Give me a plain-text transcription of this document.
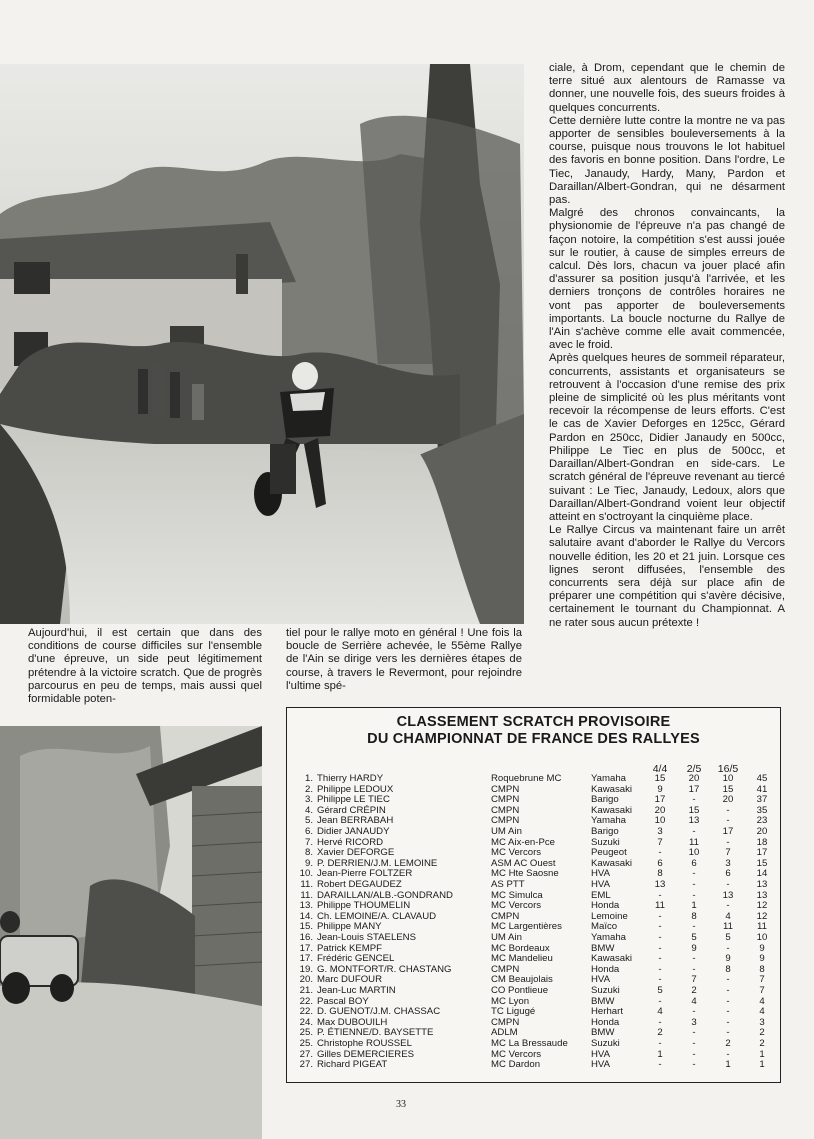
ciale, à Drom, cependant que le chemin de terre situé aux alentours de Ramasse va donner, une nouvelle fois, des sueurs froides à quelques concurrents.

Cette dernière lutte contre la montre ne va pas apporter de sensibles bouleversements à la course, puisque nous trouvons le lot habituel des favoris en bonne position. Dans l'ordre, Le Tiec, Janaudy, Hardy, Many, Pardon et Daraillan/Albert-Gondran, qui ne désarment pas.

Malgré des chronos convaincants, la physionomie de l'épreuve n'a pas changé de façon notoire, la compétition s'est aussi jouée sur le routier, à cause de simples erreurs de calcul. Dès lors, chacun va jouer placé afin d'assurer sa position jusqu'à l'arrivée, et les derniers tronçons de contrôles horaires ne vont pas apporter de bouleversements importants. La boucle nocturne du Rallye de l'Ain s'achève comme elle avait commencée, avec le froid.

Après quelques heures de sommeil réparateur, concurrents, assistants et organisateurs se retrouvent à l'occasion d'une remise des prix pleine de simplicité où les plus méritants vont recevoir la récompense de leurs efforts. C'est le cas de Xavier Deforges en 125cc, Gérard Pardon en 250cc, Didier Janaudy en 500cc, Philippe Le Tiec en plus de 500cc, et Daraillan/Albert-Gondran en side-cars. Le scratch général de l'épreuve revenant au tiercé suivant : Le Tiec, Janaudy, Ledoux, alors que Daraillan/Albert-Gondrand voient leur objectif atteint en s'octroyant la cinquième place.

Le Rallye Circus va maintenant faire un arrêt salutaire avant d'aborder le Rallye du Vercors nouvelle édition, les 20 et 21 juin. Lorsque ces lignes seront diffusées, l'ensemble des concurrents sera déjà sur place afin de préparer une compétition qui s'avère décisive, certainement le tournant du Championnat. A ne rater sous aucun prétexte !

Aujourd'hui, il est certain que dans des conditions de course difficiles sur l'ensemble d'une épreuve, un side peut légitimement prétendre à la victoire scratch. Que de progrès parcourus en peu de temps, mais aussi quel formidable poten-

tiel pour le rallye moto en général ! Une fois la boucle de Serrière achevée, le 55ème Rallye de l'Ain se dirige vers les dernières étapes de course, à travers le Revermont, pour rejoindre l'ultime spé-

CLASSEMENT SCRATCH PROVISOIRE
DU CHAMPIONNAT DE FRANCE DES RALLYES
4/4	2/5	16/5
1. Thierry HARDY	Roquebrune MC	Yamaha	15	20	10	45
2. Philippe LEDOUX	CMPN	Kawasaki	9	17	15	41
3. Philippe LE TIEC	CMPN	Barigo	17	-	20	37
4. Gérard CRÉPIN	CMPN	Kawasaki	20	15	-	35
5. Jean BERRABAH	CMPN	Yamaha	10	13	-	23
6. Didier JANAUDY	UM Ain	Barigo	3	-	17	20
7. Hervé RICORD	MC Aix-en-Pce	Suzuki	7	11	-	18
8. Xavier DEFORGE	MC Vercors	Peugeot	-	10	7	17
9. P. DERRIEN/J.M. LEMOINE	ASM AC Ouest	Kawasaki	6	6	3	15
10. Jean-Pierre FOLTZER	MC Hte Saosne	HVA	8	-	6	14
11. Robert DEGAUDEZ	AS PTT	HVA	13	-	-	13
11. DARAILLAN/ALB.-GONDRAND	MC Simulca	EML	-	-	13	13
13. Philippe THOUMELIN	MC Vercors	Honda	11	1	-	12
14. Ch. LEMOINE/A. CLAVAUD	CMPN	Lemoine	-	8	4	12
15. Philippe MANY	MC Largentières	Maïco	-	-	11	11
16. Jean-Louis STAELENS	UM Ain	Yamaha	-	5	5	10
17. Patrick KEMPF	MC Bordeaux	BMW	-	9	-	9
17. Frédéric GENCEL	MC Mandelieu	Kawasaki	-	-	9	9
19. G. MONTFORT/R. CHASTANG	CMPN	Honda	-	-	8	8
20. Marc DUFOUR	CM Beaujolais	HVA	-	7	-	7
21. Jean-Luc MARTIN	CO Pontlieue	Suzuki	5	2	-	7
22. Pascal BOY	MC Lyon	BMW	-	4	-	4
22. D. GUENOT/J.M. CHASSAC	TC Ligugé	Herhart	4	-	-	4
24. Max DUBOUILH	CMPN	Honda	-	3	-	3
25. P. ÉTIENNE/D. BAYSETTE	ADLM	BMW	2	-	-	2
25. Christophe ROUSSEL	MC La Bressaude	Suzuki	-	-	2	2
27. Gilles DEMERCIERES	MC Vercors	HVA	1	-	-	1
27. Richard PIGEAT	MC Dardon	HVA	-	-	1	1
33
